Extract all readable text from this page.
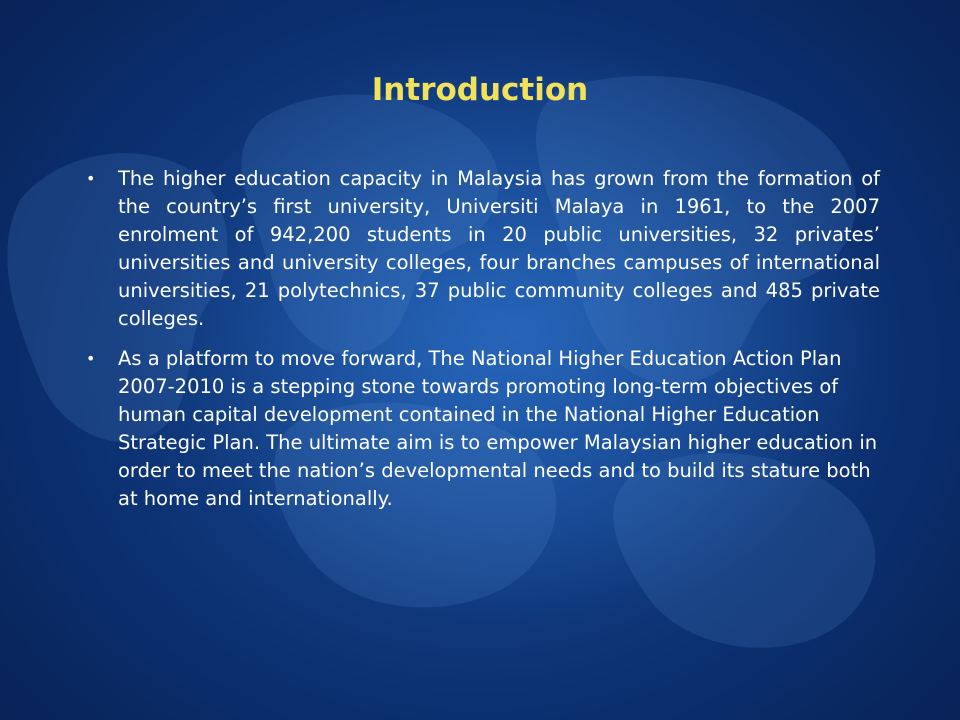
Introduction
• The higher education capacity in Malaysia has grown from the formation of the country’s first university, Universiti Malaya in 1961, to the 2007 enrolment of 942,200 students in 20 public universities, 32 privates’ universities and university colleges, four branches campuses of international universities, 21 polytechnics, 37 public community colleges and 485 private colleges.
• As a platform to move forward, The National Higher Education Action Plan 2007-2010 is a stepping stone towards promoting long-term objectives of human capital development contained in the National Higher Education Strategic Plan. The ultimate aim is to empower Malaysian higher education in order to meet the nation’s developmental needs and to build its stature both at home and internationally.
